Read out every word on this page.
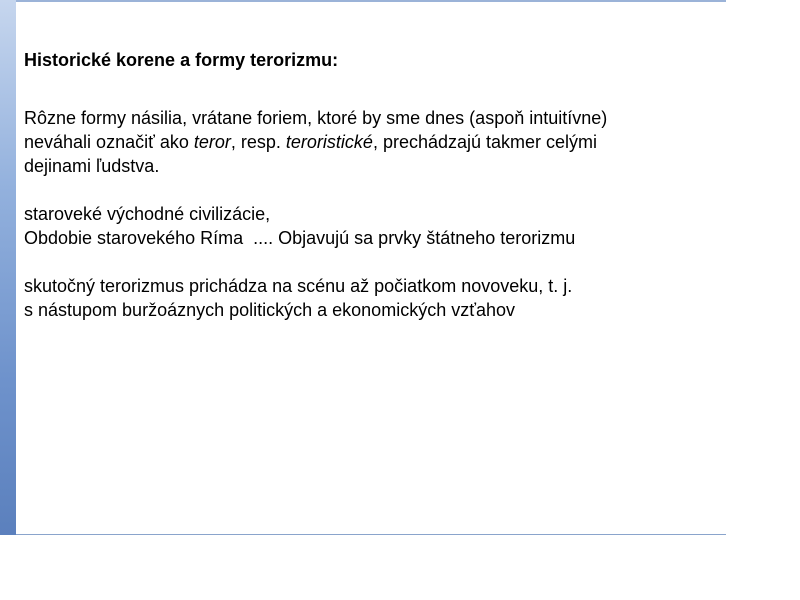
Historické korene a formy terorizmu:
Rôzne formy násilia, vrátane foriem, ktoré by sme dnes (aspoň intuitívne)
neváhali označiť ako teror, resp. teroristické, prechádzajú takmer celými
dejinami ľudstva.
staroveké východné civilizácie,
Obdobie starovekého Ríma  .... Objavujú sa prvky štátneho terorizmu
skutočný terorizmus prichádza na scénu až počiatkom novoveku, t. j.
s nástupom buržoáznych politických a ekonomických vzťahov
